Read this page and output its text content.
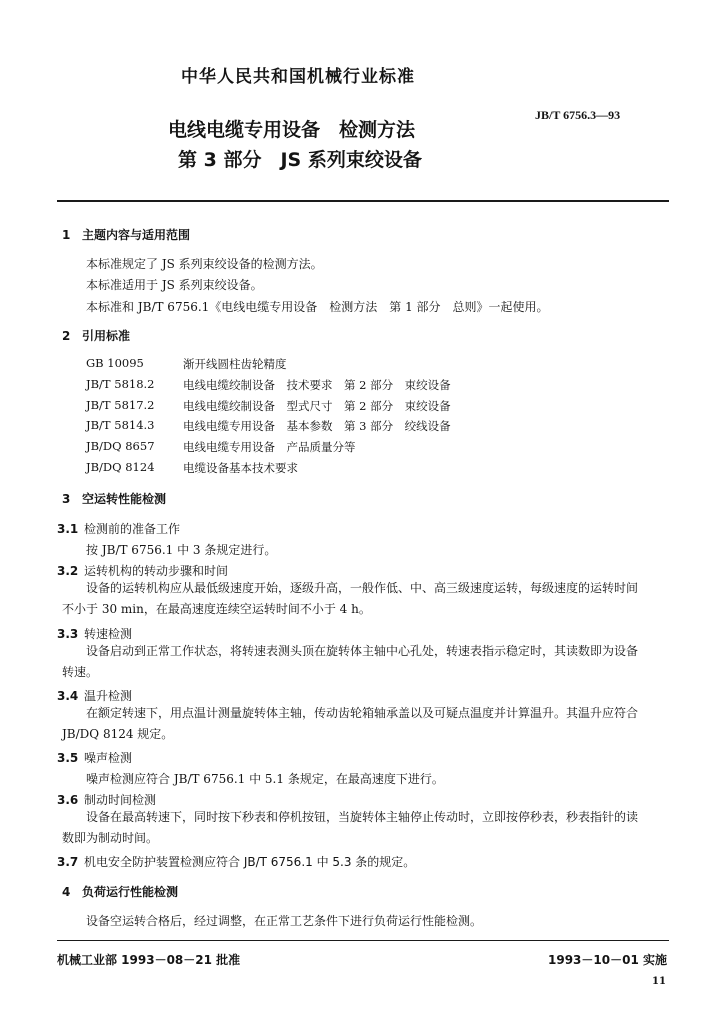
中华人民共和国机械行业标准
JB/T 6756.3—93
电线电缆专用设备　检测方法
第 3 部分　JS 系列束绞设备
1 主题内容与适用范围
本标准规定了 JS 系列束绞设备的检测方法。
本标准适用于 JS 系列束绞设备。
本标准和 JB/T 6756.1《电线电缆专用设备　检测方法　第 1 部分　总则》一起使用。
2 引用标准
GB 10095	渐开线圆柱齿轮精度
JB/T 5818.2 电线电缆绞制设备　技术要求　第 2 部分　束绞设备
JB/T 5817.2 电线电缆绞制设备　型式尺寸　第 2 部分　束绞设备
JB/T 5814.3 电线电缆专用设备　基本参数　第 3 部分　绞线设备
JB/DQ 8657 电线电缆专用设备　产品质量分等
JB/DQ 8124 电缆设备基本技术要求
3 空运转性能检测
3.1 检测前的准备工作
按 JB/T 6756.1 中 3 条规定进行。
3.2 运转机构的转动步骤和时间
设备的运转机构应从最低级速度开始，逐级升高，一般作低、中、高三级速度运转，每级速度的运转时间不小于 30 min，在最高速度连续空运转时间不小于 4 h。
3.3 转速检测
设备启动到正常工作状态，将转速表测头顶在旋转体主轴中心孔处，转速表指示稳定时，其读数即为设备转速。
3.4 温升检测
在额定转速下，用点温计测量旋转体主轴，传动齿轮箱轴承盖以及可疑点温度并计算温升。其温升应符合 JB/DQ 8124 规定。
3.5 噪声检测
噪声检测应符合 JB/T 6756.1 中 5.1 条规定，在最高速度下进行。
3.6 制动时间检测
设备在最高转速下，同时按下秒表和停机按钮，当旋转体主轴停止传动时，立即按停秒表，秒表指针的读数即为制动时间。
3.7 机电安全防护装置检测应符合 JB/T 6756.1 中 5.3 条的规定。
4 负荷运行性能检测
设备空运转合格后，经过调整，在正常工艺条件下进行负荷运行性能检测。
机械工业部 1993－08－21 批准	1993－10－01 实施
11
